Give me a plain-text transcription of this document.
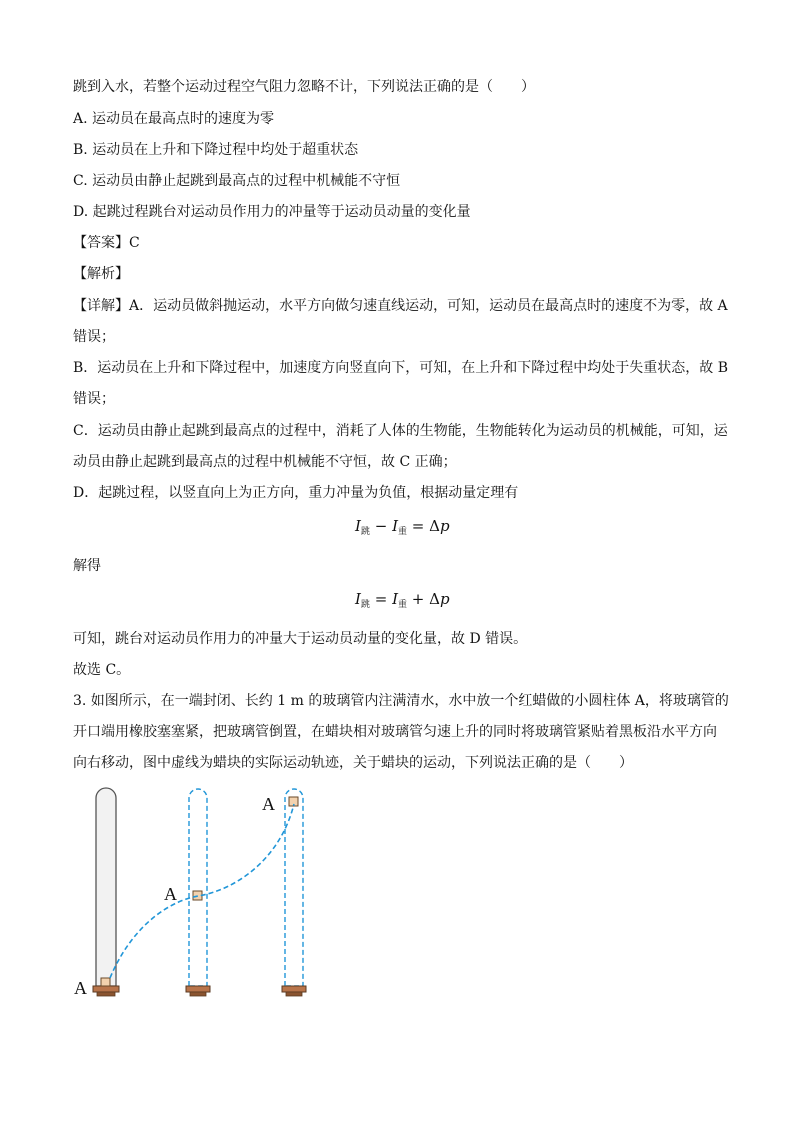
跳到入水，若整个运动过程空气阻力忽略不计，下列说法正确的是（　　）
A. 运动员在最高点时的速度为零
B. 运动员在上升和下降过程中均处于超重状态
C. 运动员由静止起跳到最高点的过程中机械能不守恒
D. 起跳过程跳台对运动员作用力的冲量等于运动员动量的变化量
【答案】C
【解析】
【详解】A．运动员做斜抛运动，水平方向做匀速直线运动，可知，运动员在最高点时的速度不为零，故 A
错误；
B．运动员在上升和下降过程中，加速度方向竖直向下，可知，在上升和下降过程中均处于失重状态，故 B
错误；
C．运动员由静止起跳到最高点的过程中，消耗了人体的生物能，生物能转化为运动员的机械能，可知，运
动员由静止起跳到最高点的过程中机械能不守恒，故 C 正确；
D．起跳过程，以竖直向上为正方向，重力冲量为负值，根据动量定理有
$I_跳 - I_重 = \Delta p$
解得
$I_跳 = I_重 + \Delta p$
可知，跳台对运动员作用力的冲量大于运动员动量的变化量，故 D 错误。
故选 C。
3. 如图所示，在一端封闭、长约 1 m 的玻璃管内注满清水，水中放一个红蜡做的小圆柱体 A，将玻璃管的
开口端用橡胶塞塞紧，把玻璃管倒置，在蜡块相对玻璃管匀速上升的同时将玻璃管紧贴着黑板沿水平方向
向右移动，图中虚线为蜡块的实际运动轨迹，关于蜡块的运动，下列说法正确的是（　　）
A
A
A
